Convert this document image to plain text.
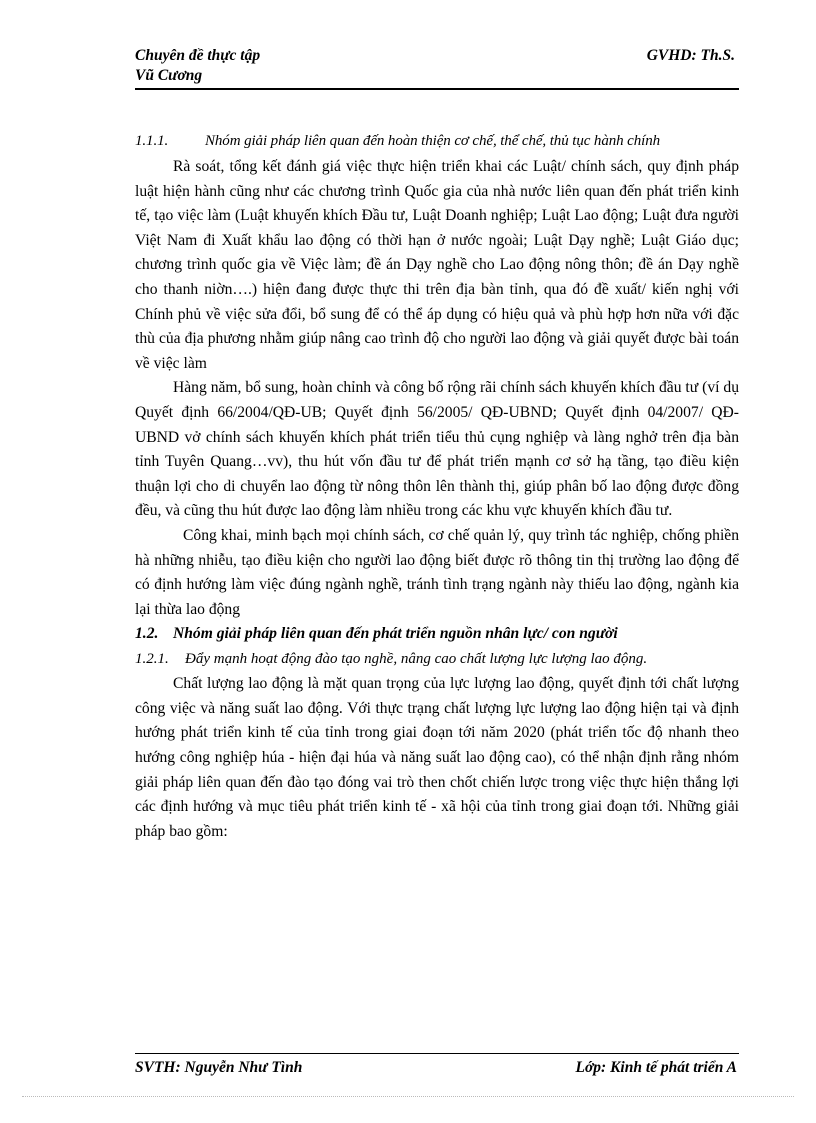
Chuyên đề thực tập
Vũ Cương
GVHD: Th.S.
1.1.1. Nhóm giải pháp liên quan đến hoàn thiện cơ chế, thể chế, thủ tục hành chính

Rà soát, tổng kết đánh giá việc thực hiện triển khai các Luật/ chính sách, quy định pháp luật hiện hành cũng như các chương trình Quốc gia của nhà nước liên quan đến phát triển kinh tế, tạo việc làm (Luật khuyến khích Đầu tư, Luật Doanh nghiệp; Luật Lao động; Luật đưa người Việt Nam đi Xuất khẩu lao động có thời hạn ở nước ngoài; Luật Dạy nghề; Luật Giáo dục; chương trình quốc gia về Việc làm; đề án Dạy nghề cho Lao động nông thôn; đề án Dạy nghề cho thanh niờn….) hiện đang được thực thi trên địa bàn tỉnh, qua đó đề xuất/ kiến nghị với Chính phủ về việc sửa đổi, bổ sung để có thể áp dụng có hiệu quả và phù hợp hơn nữa với đặc thù của địa phương nhằm giúp nâng cao trình độ cho người lao động và giải quyết được bài toán về việc làm

Hàng năm, bổ sung, hoàn chỉnh và công bố rộng rãi chính sách khuyến khích đầu tư (ví dụ Quyết định 66/2004/QĐ-UB; Quyết định 56/2005/ QĐ-UBND; Quyết định 04/2007/ QĐ-UBND vở chính sách khuyến khích phát triển tiểu thủ cụng nghiệp và làng nghở trên địa bàn tỉnh Tuyên Quang…vv), thu hút vốn đầu tư để phát triển mạnh cơ sở hạ tầng, tạo điều kiện thuận lợi cho di chuyển lao động từ nông thôn lên thành thị, giúp phân bố lao động được đồng đều, và cũng thu hút được lao động làm nhiều trong các khu vực khuyến khích đầu tư.

Công khai, minh bạch mọi chính sách, cơ chế quản lý, quy trình tác nghiệp, chống phiền hà những nhiễu, tạo điều kiện cho người lao động biết được rõ thông tin thị trường lao động để có định hướng làm việc đúng ngành nghề, tránh tình trạng ngành này thiếu lao động, ngành kia lại thừa lao động

1.2. Nhóm giải pháp liên quan đến phát triển nguồn nhân lực/ con người
1.2.1. Đẩy mạnh hoạt động đào tạo nghề, nâng cao chất lượng lực lượng lao động.

Chất lượng lao động là mặt quan trọng của lực lượng lao động, quyết định tới chất lượng công việc và năng suất lao động. Với thực trạng chất lượng lực lượng lao động hiện tại và định hướng phát triển kinh tế của tỉnh trong giai đoạn tới năm 2020 (phát triển tốc độ nhanh theo hướng công nghiệp húa - hiện đại húa và năng suất lao động cao), có thể nhận định rằng nhóm giải pháp liên quan đến đào tạo đóng vai trò then chốt chiến lược trong việc thực hiện thắng lợi các định hướng và mục tiêu phát triển kinh tế - xã hội của tỉnh trong giai đoạn tới. Những giải pháp bao gồm:

SVTH: Nguyễn Như Tình	Lớp: Kinh tế phát triển A
